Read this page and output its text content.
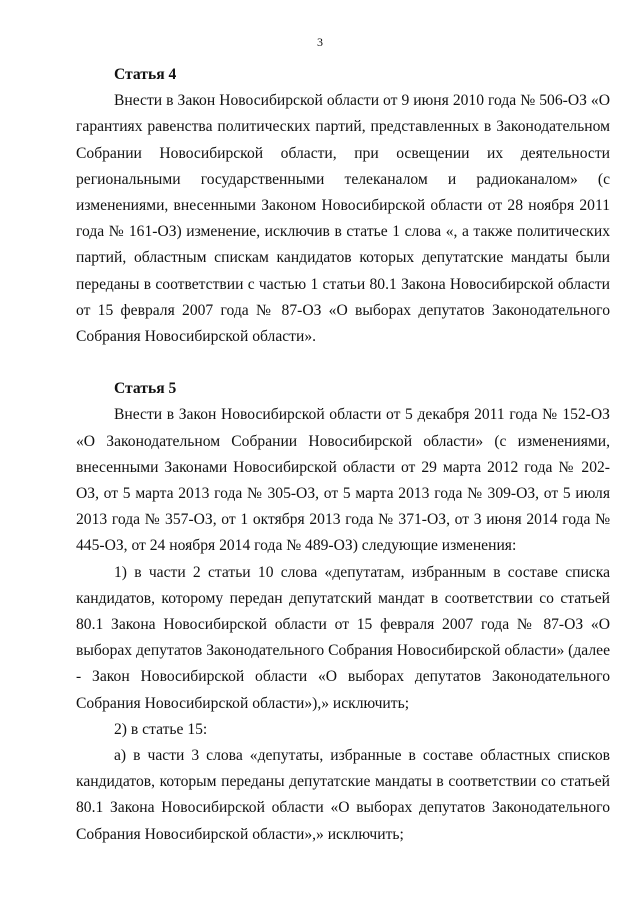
3

Статья 4

Внести в Закон Новосибирской области от 9 июня 2010 года № 506-ОЗ «О гарантиях равенства политических партий, представленных в Законодательном Собрании Новосибирской области, при освещении их деятельности региональными государственными телеканалом и радиоканалом» (с изменениями, внесенными Законом Новосибирской области от 28 ноября 2011 года № 161-ОЗ) изменение, исключив в статье 1 слова «, а также политических партий, областным спискам кандидатов которых депутатские мандаты были переданы в соответствии с частью 1 статьи 80.1 Закона Новосибирской области от 15 февраля 2007 года № 87-ОЗ «О выборах депутатов Законодательного Собрания Новосибирской области».

Статья 5

Внести в Закон Новосибирской области от 5 декабря 2011 года № 152-ОЗ «О Законодательном Собрании Новосибирской области» (с изменениями, внесенными Законами Новосибирской области от 29 марта 2012 года № 202-ОЗ, от 5 марта 2013 года № 305-ОЗ, от 5 марта 2013 года № 309-ОЗ, от 5 июля 2013 года № 357-ОЗ, от 1 октября 2013 года № 371-ОЗ, от 3 июня 2014 года № 445-ОЗ, от 24 ноября 2014 года № 489-ОЗ) следующие изменения:

1) в части 2 статьи 10 слова «депутатам, избранным в составе списка кандидатов, которому передан депутатский мандат в соответствии со статьей 80.1 Закона Новосибирской области от 15 февраля 2007 года № 87-ОЗ «О выборах депутатов Законодательного Собрания Новосибирской области» (далее - Закон Новосибирской области «О выборах депутатов Законодательного Собрания Новосибирской области»),» исключить;

2) в статье 15:

а) в части 3 слова «депутаты, избранные в составе областных списков кандидатов, которым переданы депутатские мандаты в соответствии со статьей 80.1 Закона Новосибирской области «О выборах депутатов Законодательного Собрания Новосибирской области»,» исключить;
